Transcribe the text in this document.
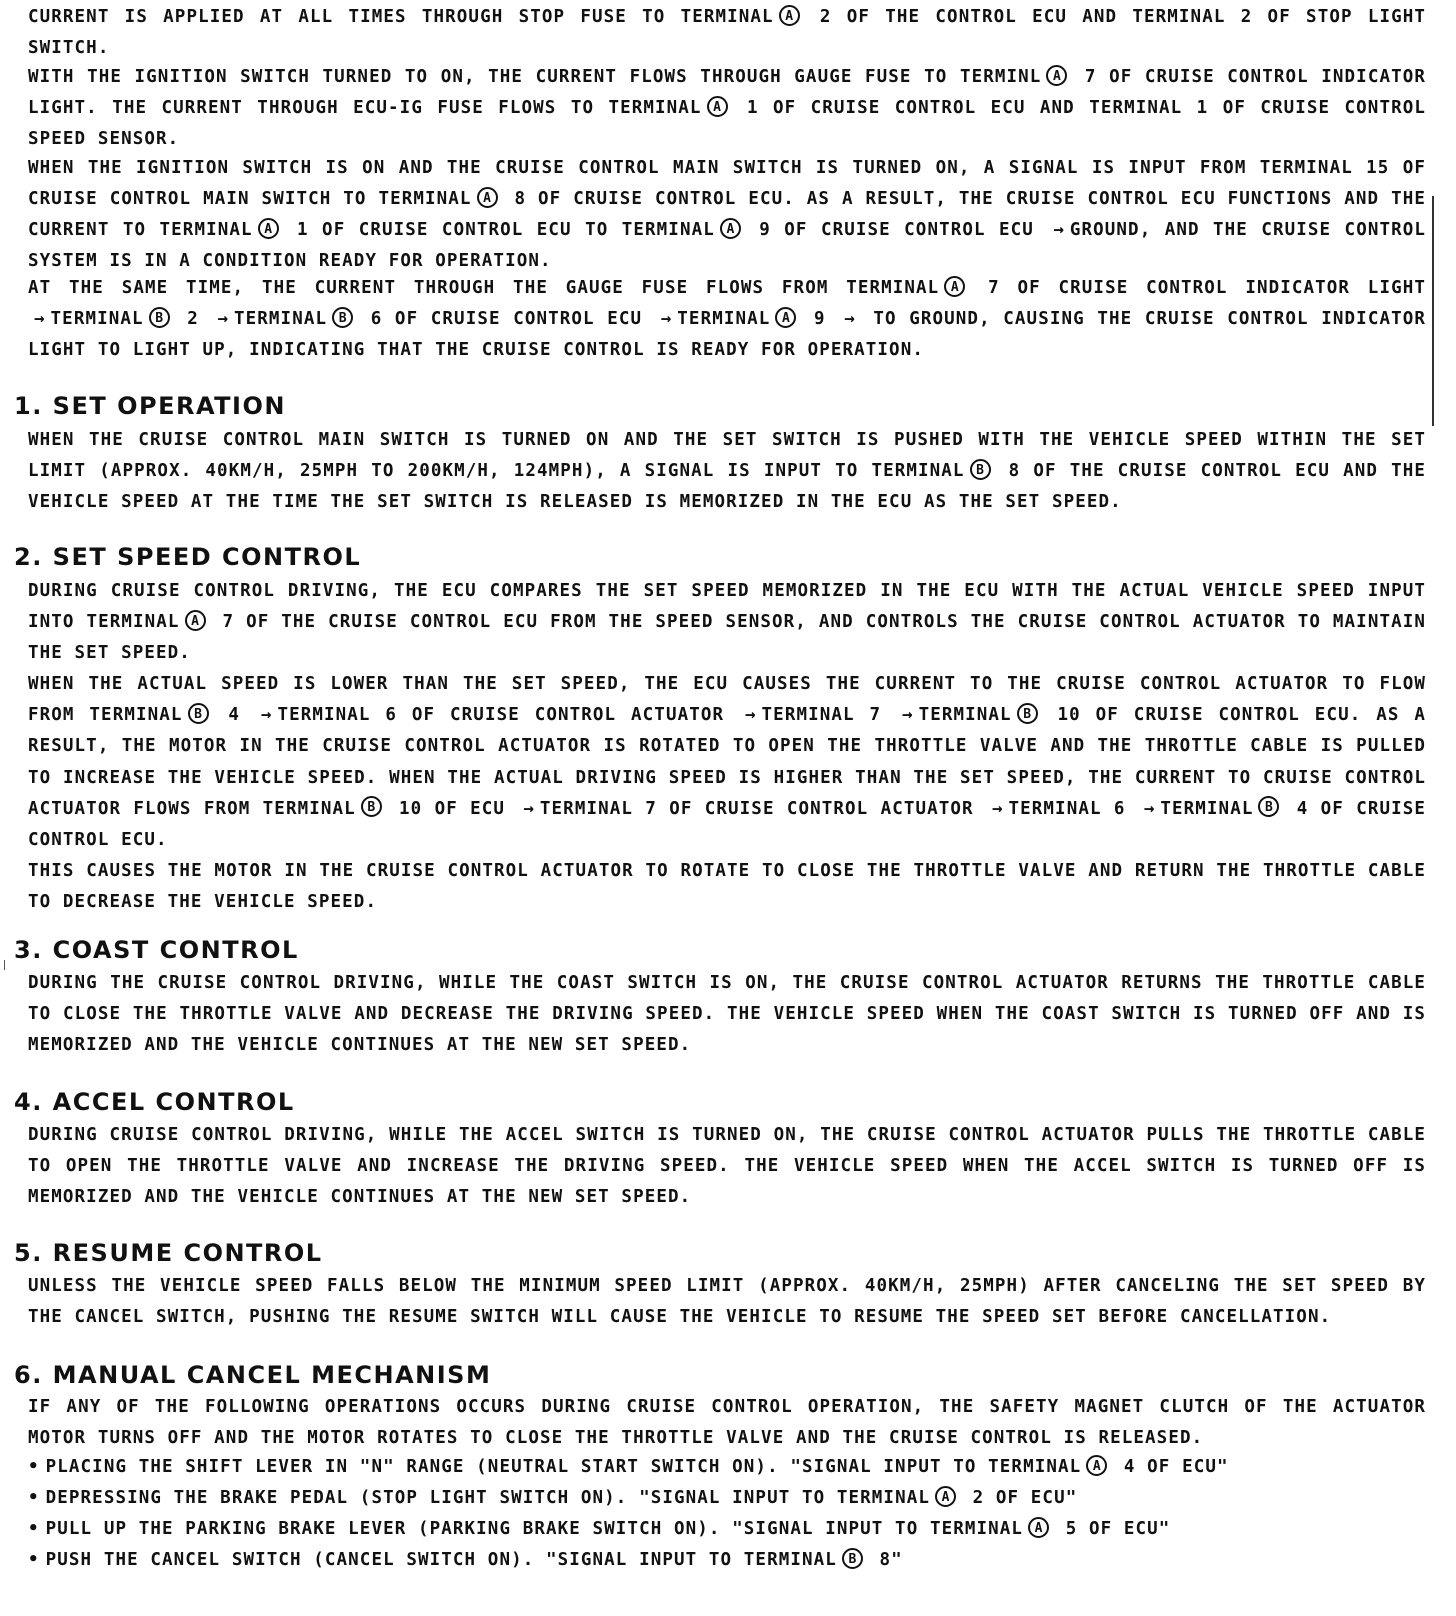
CURRENT IS APPLIED AT ALL TIMES THROUGH STOP FUSE TO TERMINAL A 2 OF THE CONTROL ECU AND TERMINAL 2 OF STOP LIGHT SWITCH.

WITH THE IGNITION SWITCH TURNED TO ON, THE CURRENT FLOWS THROUGH GAUGE FUSE TO TERMINL A 7 OF CRUISE CONTROL INDICATOR LIGHT. THE CURRENT THROUGH ECU-IG FUSE FLOWS TO TERMINAL A 1 OF CRUISE CONTROL ECU AND TERMINAL 1 OF CRUISE CONTROL SPEED SENSOR.

WHEN THE IGNITION SWITCH IS ON AND THE CRUISE CONTROL MAIN SWITCH IS TURNED ON, A SIGNAL IS INPUT FROM TERMINAL 15 OF CRUISE CONTROL MAIN SWITCH TO TERMINAL A 8 OF CRUISE CONTROL ECU. AS A RESULT, THE CRUISE CONTROL ECU FUNCTIONS AND THE CURRENT TO TERMINAL A 1 OF CRUISE CONTROL ECU TO TERMINAL A 9 OF CRUISE CONTROL ECU → GROUND, AND THE CRUISE CONTROL SYSTEM IS IN A CONDITION READY FOR OPERATION.

AT THE SAME TIME, THE CURRENT THROUGH THE GAUGE FUSE FLOWS FROM TERMINAL A 7 OF CRUISE CONTROL INDICATOR LIGHT → TERMINAL B 2 → TERMINAL B 6 OF CRUISE CONTROL ECU → TERMINAL A 9 → TO GROUND, CAUSING THE CRUISE CONTROL INDICATOR LIGHT TO LIGHT UP, INDICATING THAT THE CRUISE CONTROL IS READY FOR OPERATION.

1. SET OPERATION

WHEN THE CRUISE CONTROL MAIN SWITCH IS TURNED ON AND THE SET SWITCH IS PUSHED WITH THE VEHICLE SPEED WITHIN THE SET LIMIT (APPROX. 40KM/H, 25MPH TO 200KM/H, 124MPH), A SIGNAL IS INPUT TO TERMINAL B 8 OF THE CRUISE CONTROL ECU AND THE VEHICLE SPEED AT THE TIME THE SET SWITCH IS RELEASED IS MEMORIZED IN THE ECU AS THE SET SPEED.

2. SET SPEED CONTROL

DURING CRUISE CONTROL DRIVING, THE ECU COMPARES THE SET SPEED MEMORIZED IN THE ECU WITH THE ACTUAL VEHICLE SPEED INPUT INTO TERMINAL A 7 OF THE CRUISE CONTROL ECU FROM THE SPEED SENSOR, AND CONTROLS THE CRUISE CONTROL ACTUATOR TO MAINTAIN THE SET SPEED.

WHEN THE ACTUAL SPEED IS LOWER THAN THE SET SPEED, THE ECU CAUSES THE CURRENT TO THE CRUISE CONTROL ACTUATOR TO FLOW FROM TERMINAL B 4 → TERMINAL 6 OF CRUISE CONTROL ACTUATOR → TERMINAL 7 → TERMINAL B 10 OF CRUISE CONTROL ECU. AS A RESULT, THE MOTOR IN THE CRUISE CONTROL ACTUATOR IS ROTATED TO OPEN THE THROTTLE VALVE AND THE THROTTLE CABLE IS PULLED TO INCREASE THE VEHICLE SPEED. WHEN THE ACTUAL DRIVING SPEED IS HIGHER THAN THE SET SPEED, THE CURRENT TO CRUISE CONTROL ACTUATOR FLOWS FROM TERMINAL B 10 OF ECU → TERMINAL 7 OF CRUISE CONTROL ACTUATOR → TERMINAL 6 → TERMINAL B 4 OF CRUISE CONTROL ECU.

THIS CAUSES THE MOTOR IN THE CRUISE CONTROL ACTUATOR TO ROTATE TO CLOSE THE THROTTLE VALVE AND RETURN THE THROTTLE CABLE TO DECREASE THE VEHICLE SPEED.

3. COAST CONTROL

DURING THE CRUISE CONTROL DRIVING, WHILE THE COAST SWITCH IS ON, THE CRUISE CONTROL ACTUATOR RETURNS THE THROTTLE CABLE TO CLOSE THE THROTTLE VALVE AND DECREASE THE DRIVING SPEED. THE VEHICLE SPEED WHEN THE COAST SWITCH IS TURNED OFF AND IS MEMORIZED AND THE VEHICLE CONTINUES AT THE NEW SET SPEED.

4. ACCEL CONTROL

DURING CRUISE CONTROL DRIVING, WHILE THE ACCEL SWITCH IS TURNED ON, THE CRUISE CONTROL ACTUATOR PULLS THE THROTTLE CABLE TO OPEN THE THROTTLE VALVE AND INCREASE THE DRIVING SPEED. THE VEHICLE SPEED WHEN THE ACCEL SWITCH IS TURNED OFF IS MEMORIZED AND THE VEHICLE CONTINUES AT THE NEW SET SPEED.

5. RESUME CONTROL

UNLESS THE VEHICLE SPEED FALLS BELOW THE MINIMUM SPEED LIMIT (APPROX. 40KM/H, 25MPH) AFTER CANCELING THE SET SPEED BY THE CANCEL SWITCH, PUSHING THE RESUME SWITCH WILL CAUSE THE VEHICLE TO RESUME THE SPEED SET BEFORE CANCELLATION.

6. MANUAL CANCEL MECHANISM

IF ANY OF THE FOLLOWING OPERATIONS OCCURS DURING CRUISE CONTROL OPERATION, THE SAFETY MAGNET CLUTCH OF THE ACTUATOR MOTOR TURNS OFF AND THE MOTOR ROTATES TO CLOSE THE THROTTLE VALVE AND THE CRUISE CONTROL IS RELEASED.

• PLACING THE SHIFT LEVER IN "N" RANGE (NEUTRAL START SWITCH ON). "SIGNAL INPUT TO TERMINAL A 4 OF ECU"
• DEPRESSING THE BRAKE PEDAL (STOP LIGHT SWITCH ON). "SIGNAL INPUT TO TERMINAL A 2 OF ECU"
• PULL UP THE PARKING BRAKE LEVER (PARKING BRAKE SWITCH ON). "SIGNAL INPUT TO TERMINAL A 5 OF ECU"
• PUSH THE CANCEL SWITCH (CANCEL SWITCH ON). "SIGNAL INPUT TO TERMINAL B 8"
